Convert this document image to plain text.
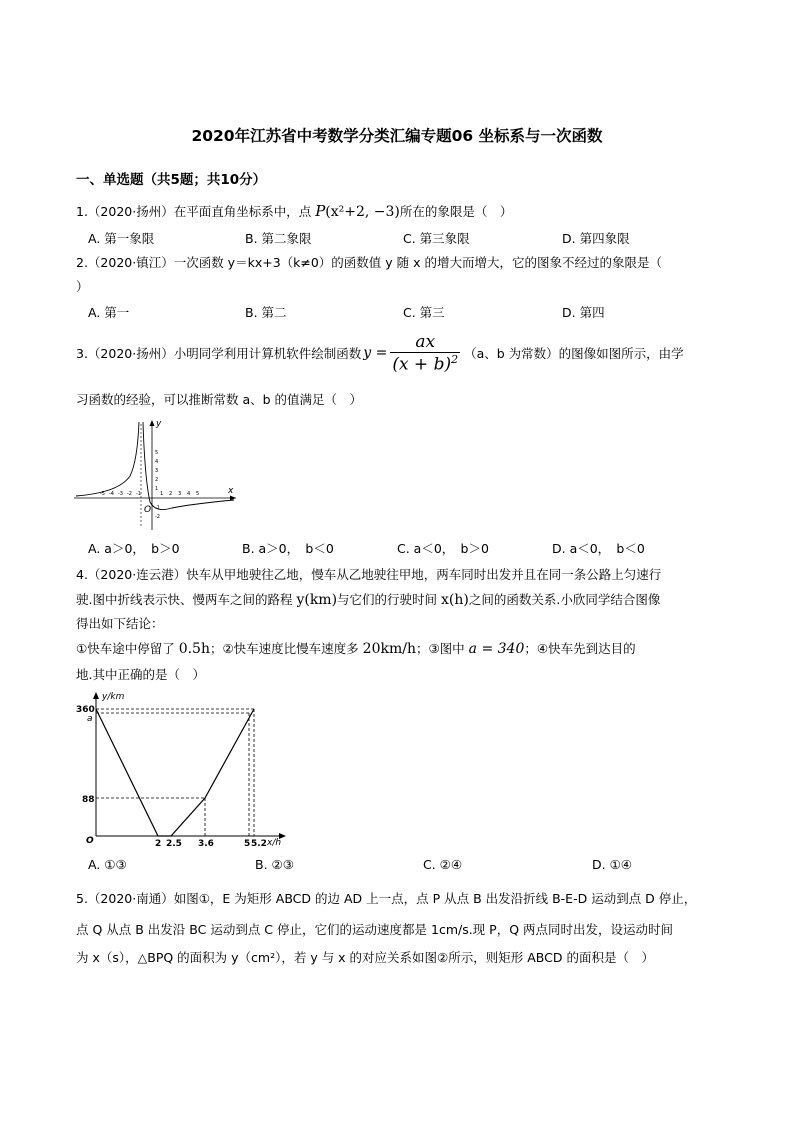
2020年江苏省中考数学分类汇编专题06 坐标系与一次函数
一、单选题（共5题；共10分）
1.（2020·扬州）在平面直角坐标系中，点 P(x²+2, −3)所在的象限是（　）
A. 第一象限	B. 第二象限	C. 第三象限	D. 第四象限
2.（2020·镇江）一次函数 y＝kx+3（k≠0）的函数值 y 随 x 的增大而增大，它的图象不经过的象限是（
）
A. 第一	B. 第二	C. 第三	D. 第四
3.（2020·扬州）小明同学利用计算机软件绘制函数 $y = \frac{ax}{(x + b)^2} (a$、b 为常数）的图像如图所示，由学
习函数的经验，可以推断常数 a、b 的值满足（　）
x
y
O
-5 -4 -3 -2 -1	1 2 3 4 5
1
2
3
4
5
-1
-2
A. a＞0，　b＞0	B. a＞0，　b＜0	C. a＜0，　b＞0	D. a＜0，　b＜0
4.（2020·连云港）快车从甲地驶往乙地，慢车从乙地驶往甲地，两车同时出发并且在同一条公路上匀速行
驶.图中折线表示快、慢两车之间的路程 y(km)与它们的行驶时间 x(h)之间的函数关系.小欣同学结合图像
得出如下结论：
①快车途中停留了 0.5h；②快车速度比慢车速度多 20km/h；③图中 a = 340；④快车先到达目的
地.其中正确的是（　）
y/km
x/h
O
360
a
88
2 2.5 3.6	5 5.2
A. ①③	B. ②③	C. ②④	D. ①④
5.（2020·南通）如图①，E 为矩形 ABCD 的边 AD 上一点，点 P 从点 B 出发沿折线 B-E-D 运动到点 D 停止，
点 Q 从点 B 出发沿 BC 运动到点 C 停止，它们的运动速度都是 1cm/s.现 P，Q 两点同时出发，设运动时间
为 x（s），△BPQ 的面积为 y（cm²），若 y 与 x 的对应关系如图②所示，则矩形 ABCD 的面积是（　）
